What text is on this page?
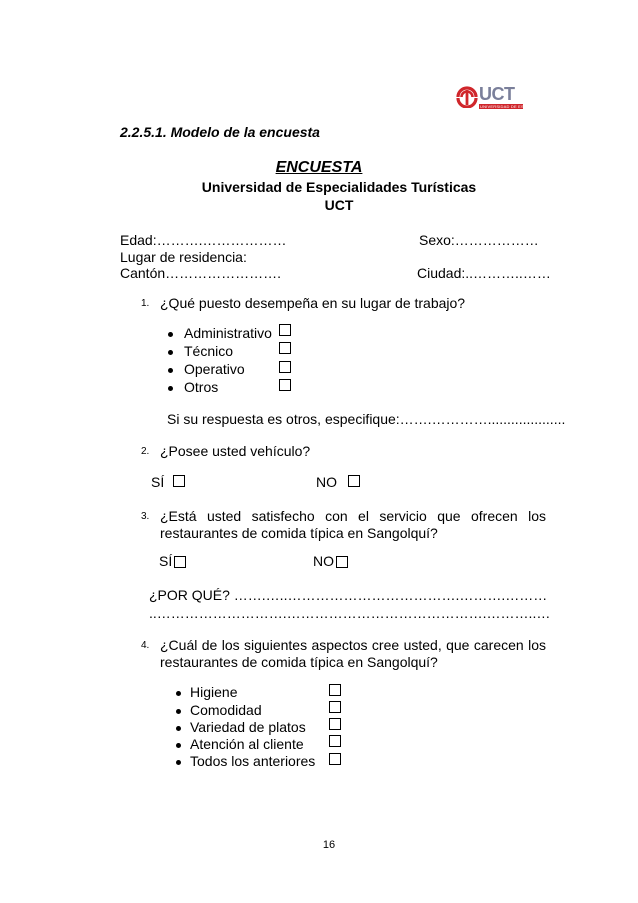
UCT
UNIVERSIDAD DE ESPECIALIDADES
2.2.5.1. Modelo de la encuesta
ENCUESTA
Universidad de Especialidades Turísticas
UCT
Edad:……….………………	Sexo:………………
Lugar de residencia:
Cantón…………………….	Ciudad:..………..……
1. ¿Qué puesto desempeña en su lugar de trabajo?
Administrativo
Técnico
Operativo
Otros
Si su respuesta es otros, especifique:…….…………....................
2. ¿Posee usted vehículo?
SÍ	NO
3. ¿Está usted satisfecho con el servicio que ofrecen los
restaurantes de comida típica en Sangolquí?
SÍ	NO
¿POR QUÉ? …….…..……………………………….……….………
..……………………….…………………………………….………..…
4. ¿Cuál de los siguientes aspectos cree usted, que carecen los
restaurantes de comida típica en Sangolquí?
Higiene
Comodidad
Variedad de platos
Atención al cliente
Todos los anteriores
16
